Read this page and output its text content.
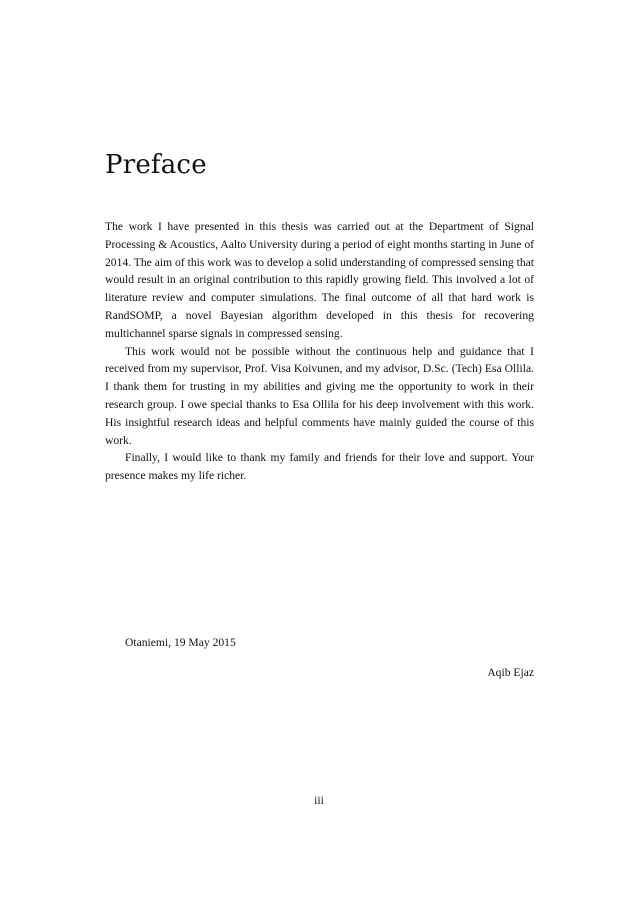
Preface

The work I have presented in this thesis was carried out at the Department of Signal Processing & Acoustics, Aalto University during a period of eight months starting in June of 2014. The aim of this work was to develop a solid understanding of compressed sensing that would result in an original contribution to this rapidly growing field. This involved a lot of literature review and computer simulations. The final outcome of all that hard work is RandSOMP, a novel Bayesian algorithm developed in this thesis for recovering multichannel sparse signals in compressed sensing.

This work would not be possible without the continuous help and guidance that I received from my supervisor, Prof. Visa Koivunen, and my advisor, D.Sc. (Tech) Esa Ollila. I thank them for trusting in my abilities and giving me the opportunity to work in their research group. I owe special thanks to Esa Ollila for his deep involvement with this work. His insightful research ideas and helpful comments have mainly guided the course of this work.

Finally, I would like to thank my family and friends for their love and support. Your presence makes my life richer.

Otaniemi, 19 May 2015
Aqib Ejaz
iii
